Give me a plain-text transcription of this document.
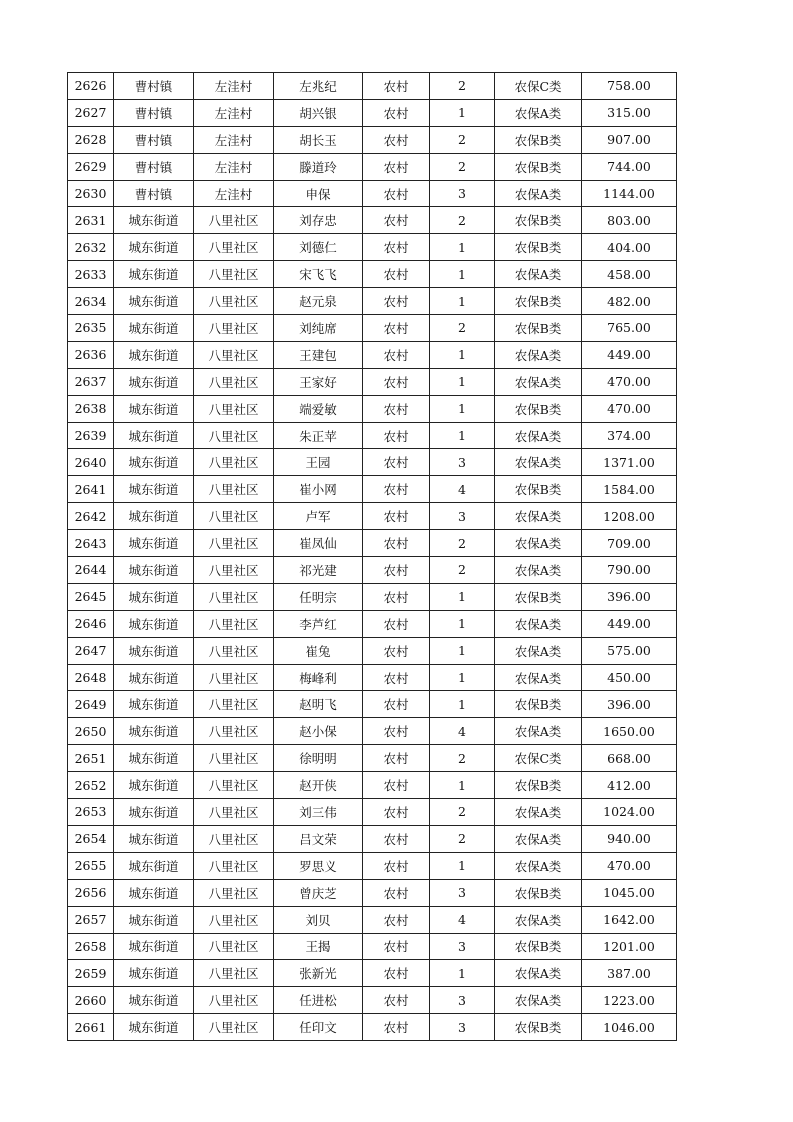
2626	曹村镇	左洼村	左兆纪	农村	2	农保C类	758.00
2627	曹村镇	左洼村	胡兴银	农村	1	农保A类	315.00
2628	曹村镇	左洼村	胡长玉	农村	2	农保B类	907.00
2629	曹村镇	左洼村	滕道玲	农村	2	农保B类	744.00
2630	曹村镇	左洼村	申保	农村	3	农保A类	1144.00
2631	城东街道	八里社区	刘存忠	农村	2	农保B类	803.00
2632	城东街道	八里社区	刘德仁	农村	1	农保B类	404.00
2633	城东街道	八里社区	宋飞飞	农村	1	农保A类	458.00
2634	城东街道	八里社区	赵元泉	农村	1	农保B类	482.00
2635	城东街道	八里社区	刘纯席	农村	2	农保B类	765.00
2636	城东街道	八里社区	王建包	农村	1	农保A类	449.00
2637	城东街道	八里社区	王家好	农村	1	农保A类	470.00
2638	城东街道	八里社区	端爱敏	农村	1	农保B类	470.00
2639	城东街道	八里社区	朱正苹	农村	1	农保A类	374.00
2640	城东街道	八里社区	王园	农村	3	农保A类	1371.00
2641	城东街道	八里社区	崔小网	农村	4	农保B类	1584.00
2642	城东街道	八里社区	卢军	农村	3	农保A类	1208.00
2643	城东街道	八里社区	崔凤仙	农村	2	农保A类	709.00
2644	城东街道	八里社区	祁光建	农村	2	农保A类	790.00
2645	城东街道	八里社区	任明宗	农村	1	农保B类	396.00
2646	城东街道	八里社区	李芦红	农村	1	农保A类	449.00
2647	城东街道	八里社区	崔兔	农村	1	农保A类	575.00
2648	城东街道	八里社区	梅峰利	农村	1	农保A类	450.00
2649	城东街道	八里社区	赵明飞	农村	1	农保B类	396.00
2650	城东街道	八里社区	赵小保	农村	4	农保A类	1650.00
2651	城东街道	八里社区	徐明明	农村	2	农保C类	668.00
2652	城东街道	八里社区	赵开侠	农村	1	农保B类	412.00
2653	城东街道	八里社区	刘三伟	农村	2	农保A类	1024.00
2654	城东街道	八里社区	吕文荣	农村	2	农保A类	940.00
2655	城东街道	八里社区	罗思义	农村	1	农保A类	470.00
2656	城东街道	八里社区	曾庆芝	农村	3	农保B类	1045.00
2657	城东街道	八里社区	刘贝	农村	4	农保A类	1642.00
2658	城东街道	八里社区	王揭	农村	3	农保B类	1201.00
2659	城东街道	八里社区	张新光	农村	1	农保A类	387.00
2660	城东街道	八里社区	任进松	农村	3	农保A类	1223.00
2661	城东街道	八里社区	任印文	农村	3	农保B类	1046.00
